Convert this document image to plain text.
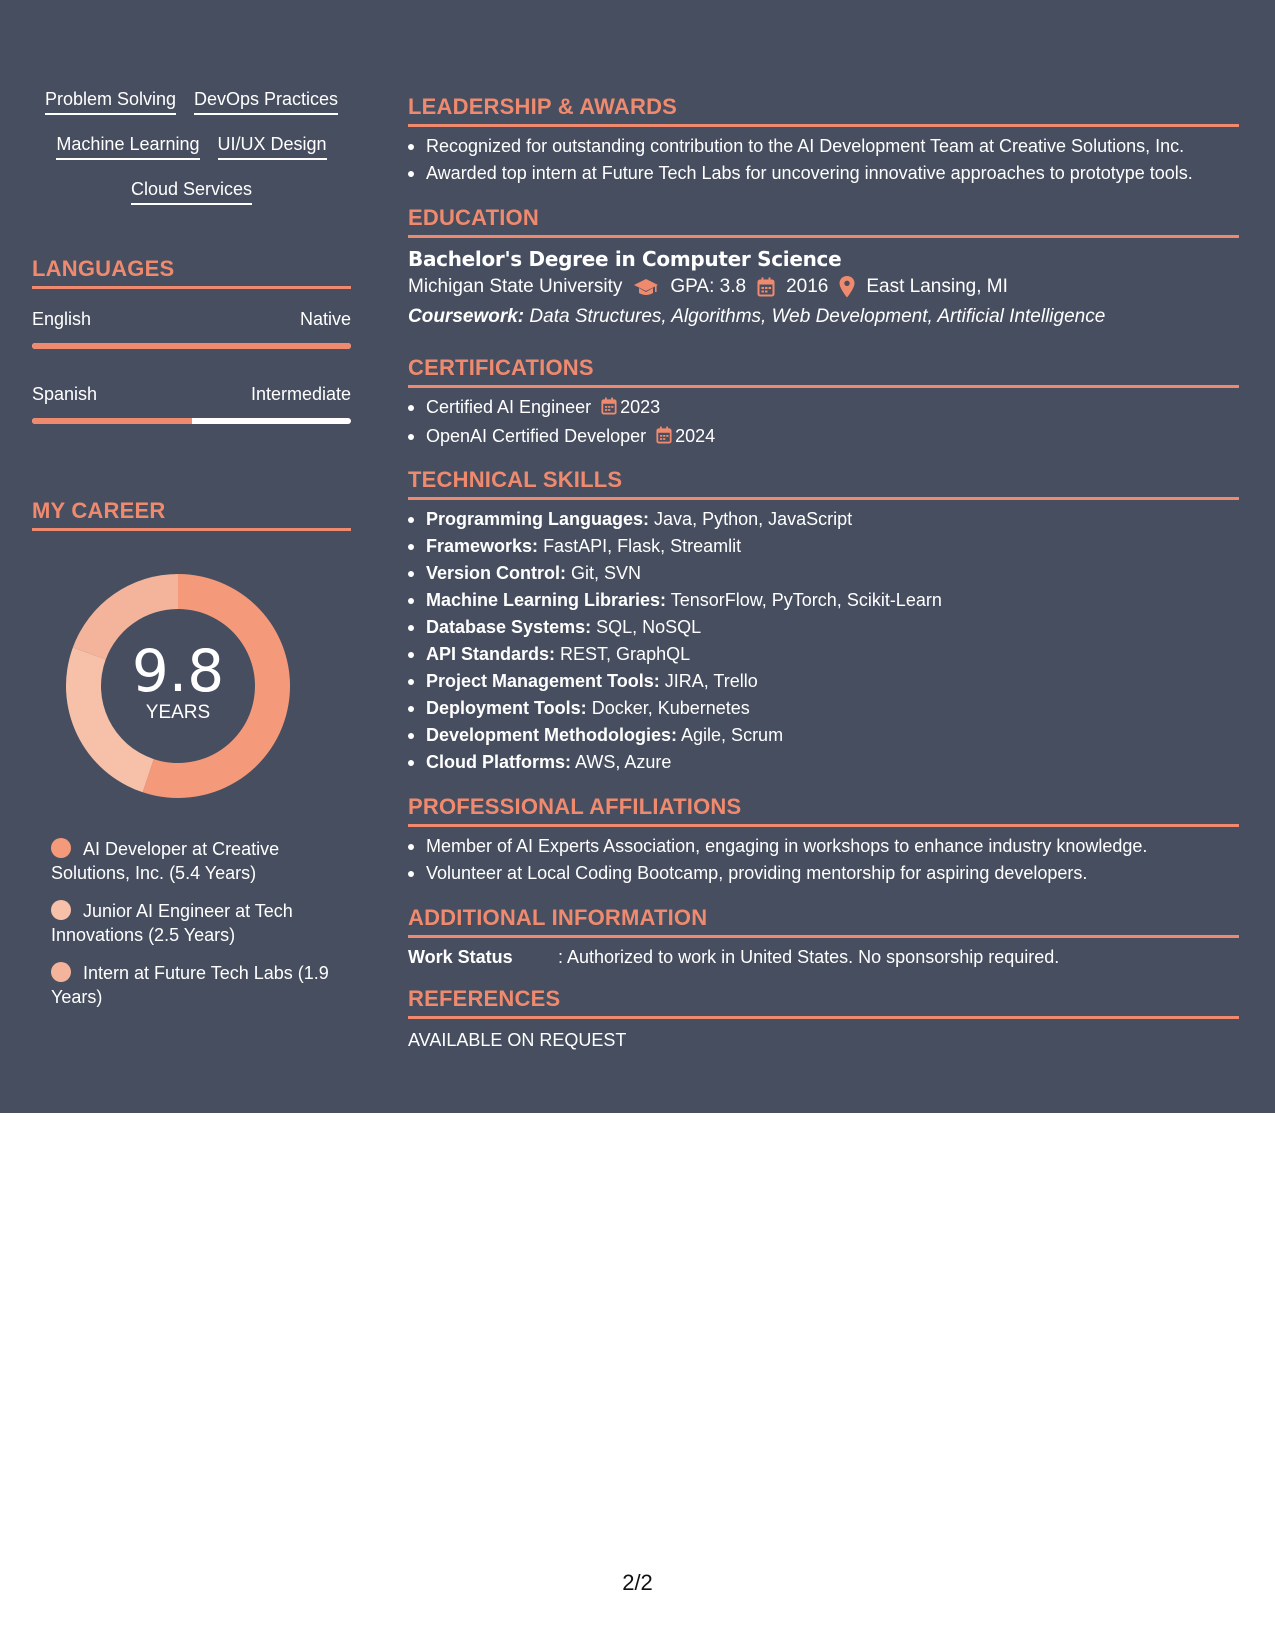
Problem Solving DevOps Practices
Machine Learning UI/UX Design
Cloud Services
LANGUAGES
English	Native
Spanish	Intermediate
MY CAREER
9.8
YEARS
AI Developer at Creative Solutions, Inc. (5.4 Years)
Junior AI Engineer at Tech Innovations (2.5 Years)
Intern at Future Tech Labs (1.9 Years)
LEADERSHIP & AWARDS
Recognized for outstanding contribution to the AI Development Team at Creative Solutions, Inc.
Awarded top intern at Future Tech Labs for uncovering innovative approaches to prototype tools.
EDUCATION
Bachelor's Degree in Computer Science
Michigan State University	GPA: 3.8 2016 East Lansing, MI
Coursework: Data Structures, Algorithms, Web Development, Artificial Intelligence
CERTIFICATIONS
Certified AI Engineer 2023
OpenAI Certified Developer 2024
TECHNICAL SKILLS
Programming Languages: Java, Python, JavaScript
Frameworks: FastAPI, Flask, Streamlit
Version Control: Git, SVN
Machine Learning Libraries: TensorFlow, PyTorch, Scikit-Learn
Database Systems: SQL, NoSQL
API Standards: REST, GraphQL
Project Management Tools: JIRA, Trello
Deployment Tools: Docker, Kubernetes
Development Methodologies: Agile, Scrum
Cloud Platforms: AWS, Azure
PROFESSIONAL AFFILIATIONS
Member of AI Experts Association, engaging in workshops to enhance industry knowledge.
Volunteer at Local Coding Bootcamp, providing mentorship for aspiring developers.
ADDITIONAL INFORMATION
Work Status	: Authorized to work in United States. No sponsorship required.
REFERENCES
AVAILABLE ON REQUEST
2/2
